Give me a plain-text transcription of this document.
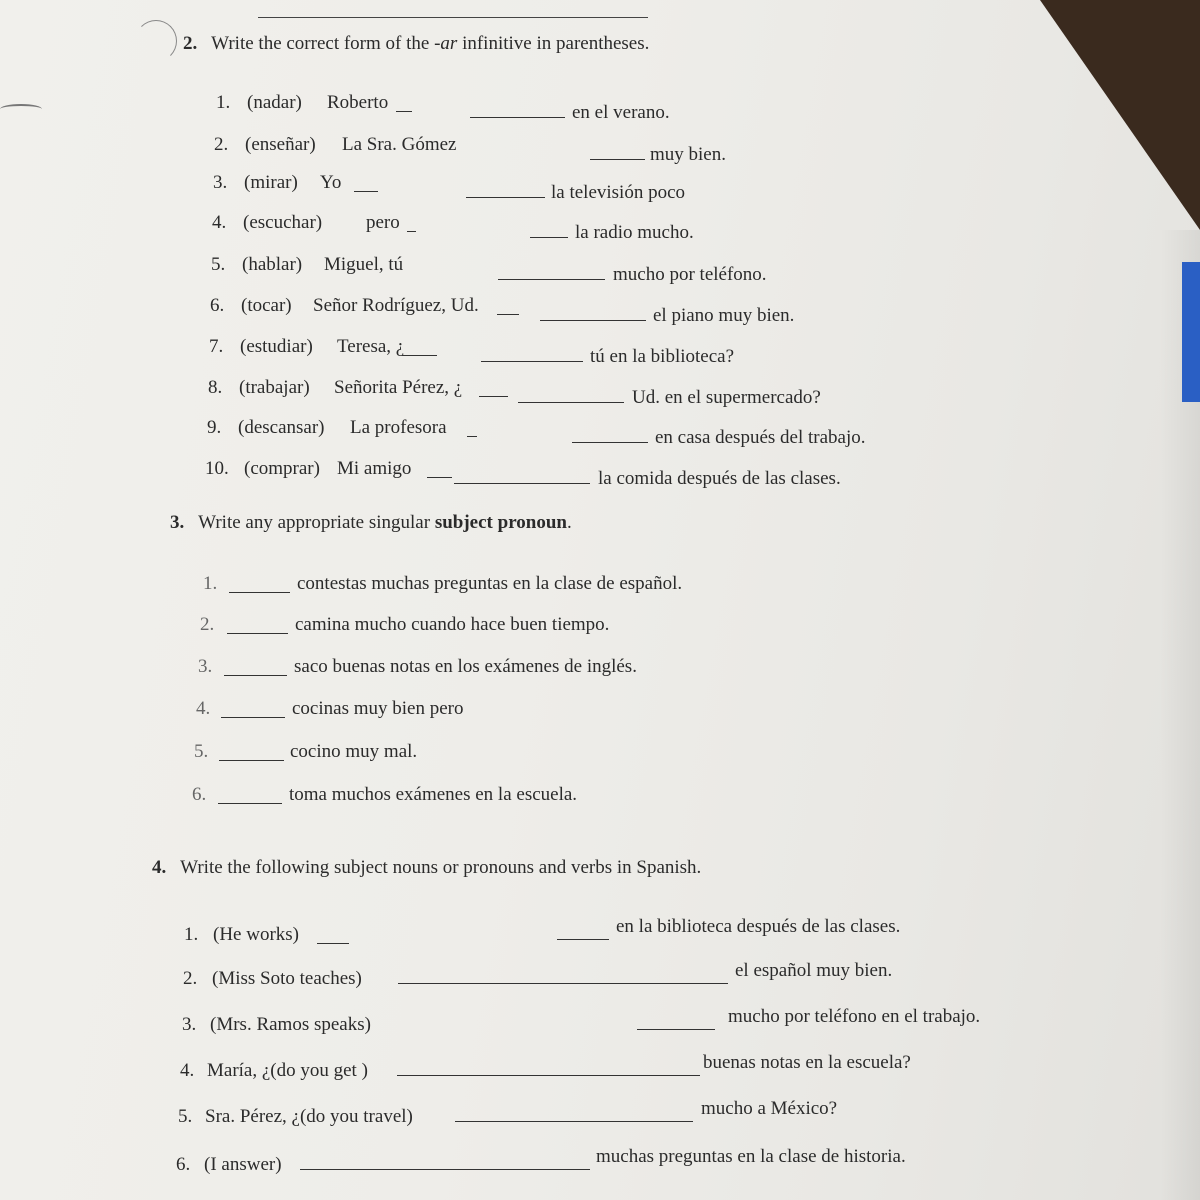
2. Write the correct form of the -ar infinitive in parentheses.
1. (nadar) Roberto	en el verano.
2. (enseñar) La Sra. Gómez	muy bien.
3. (mirar) Yo	la televisión poco
4. (escuchar) pero	la radio mucho.
5. (hablar) Miguel, tú	mucho por teléfono.
6. (tocar) Señor Rodríguez, Ud.	el piano muy bien.
7. (estudiar) Teresa, ¿	tú en la biblioteca?
8. (trabajar) Señorita Pérez, ¿	Ud. en el supermercado?
9. (descansar) La profesora	en casa después del trabajo.
10. (comprar) Mi amigo	la comida después de las clases.
3. Write any appropriate singular subject pronoun.
1.	contestas muchas preguntas en la clase de español.
2.	camina mucho cuando hace buen tiempo.
3.	saco buenas notas en los exámenes de inglés.
4.	cocinas muy bien pero
5.	cocino muy mal.
6.	toma muchos exámenes en la escuela.
4. Write the following subject nouns or pronouns and verbs in Spanish.
1. (He works)	en la biblioteca después de las clases.
2. (Miss Soto teaches)	el español muy bien.
3. (Mrs. Ramos speaks)	mucho por teléfono en el trabajo.
4. María, ¿(do you get )	buenas notas en la escuela?
5. Sra. Pérez, ¿(do you travel)	mucho a México?
6. (I answer)	muchas preguntas en la clase de historia.
